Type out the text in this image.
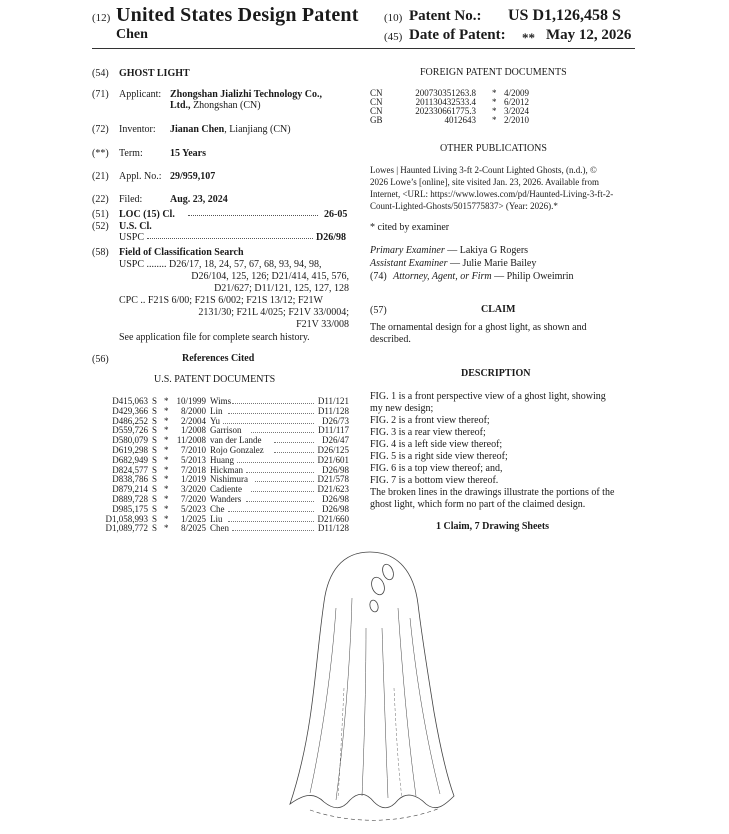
(12) United States Design Patent
Chen
(10) Patent No.: US D1,126,458 S
(45) Date of Patent: ** May 12, 2026
(54) GHOST LIGHT
(71) Applicant: Zhongshan Jializhi Technology Co.,
Ltd., Zhongshan (CN)
(72) Inventor: Jianan Chen, Lianjiang (CN)
(**) Term:	15 Years
(21) Appl. No.: 29/959,107
(22) Filed:	Aug. 23, 2024
(51) LOC (15) Cl.	26-05
(52) U.S. Cl.
USPC	D26/98
(58) Field of Classification Search
USPC ........ D26/17, 18, 24, 57, 67, 68, 93, 94, 98,
D26/104, 125, 126; D21/414, 415, 576,
D21/627; D11/121, 125, 127, 128
CPC .. F21S 6/00; F21S 6/002; F21S 13/12; F21W
2131/30; F21L 4/025; F21V 33/0004;
F21V 33/008
See application file for complete search history.
(56)	References Cited
U.S. PATENT DOCUMENTS
D415,063 S * 10/1999 Wims	D11/121
D429,366 S *	8/2000 Lin	D11/128
D486,252 S *	2/2004 Yu	D26/73
D559,726 S *	1/2008 Garrison	D11/117
D580,079 S * 11/2008 van der Lande	D26/47
D619,298 S *	7/2010 Rojo Gonzalez	D26/125
D682,949 S *	5/2013 Huang	D21/601
D824,577 S *	7/2018 Hickman	D26/98
D838,786 S *	1/2019 Nishimura	D21/578
D879,214 S *	3/2020 Cadiente	D21/623
D889,728 S *	7/2020 Wanders	D26/98
D985,175 S *	5/2023 Che	D26/98
D1,058,993 S *	1/2025 Liu	D21/660
D1,089,772 S *	8/2025 Chen	D11/128
FOREIGN PATENT DOCUMENTS
CN	200730351263.8 * 4/2009
CN	201130432533.4 * 6/2012
CN	202330661775.3 * 3/2024
GB	4012643 * 2/2010
OTHER PUBLICATIONS
Lowes | Haunted Living 3-ft 2-Count Lighted Ghosts, (n.d.), ©
2026 Lowe’s [online], site visited Jan. 23, 2026. Available from
Internet, <URL: https://www.lowes.com/pd/Haunted-Living-3-ft-2-
Count-Lighted-Ghosts/5015775837> (Year: 2026).*
* cited by examiner
Primary Examiner — Lakiya G Rogers
Assistant Examiner — Julie Marie Bailey
(74) Attorney, Agent, or Firm — Philip Oweimrin
(57)	CLAIM
The ornamental design for a ghost light, as shown and
described.
DESCRIPTION
FIG. 1 is a front perspective view of a ghost light, showing
my new design;
FIG. 2 is a front view thereof;
FIG. 3 is a rear view thereof;
FIG. 4 is a left side view thereof;
FIG. 5 is a right side view thereof;
FIG. 6 is a top view thereof; and,
FIG. 7 is a bottom view thereof.
The broken lines in the drawings illustrate the portions of the
ghost light, which form no part of the claimed design.
1 Claim, 7 Drawing Sheets
